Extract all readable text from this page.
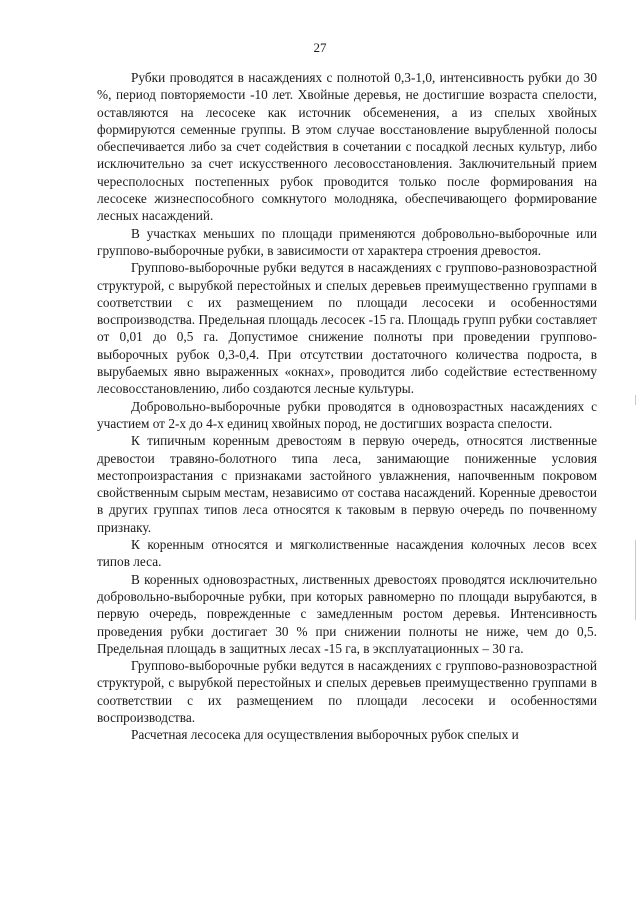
27

Рубки проводятся в насаждениях с полнотой 0,3-1,0, интенсивность рубки до 30 %, период повторяемости -10 лет. Хвойные деревья, не достигшие возраста спелости, оставляются на лесосеке как источник обсеменения, а из спелых хвойных формируются семенные группы. В этом случае восстановление вырубленной полосы обеспечивается либо за счет содействия в сочетании с посадкой лесных культур, либо исключительно за счет искусственного лесовосстановления. Заключительный прием чересполосных постепенных рубок проводится только после формирования на лесосеке жизнеспособного сомкнутого молодняка, обеспечивающего формирование лесных насаждений.

В участках меньших по площади применяются добровольно-выборочные или группово-выборочные рубки, в зависимости от характера строения древостоя.

Группово-выборочные рубки ведутся в насаждениях с группово-разновозрастной структурой, с вырубкой перестойных и спелых деревьев преимущественно группами в соответствии с их размещением по площади лесосеки и особенностями воспроизводства. Предельная площадь лесосек -15 га. Площадь групп рубки составляет от 0,01 до 0,5 га. Допустимое снижение полноты при проведении группово-выборочных рубок 0,3-0,4. При отсутствии достаточного количества подроста, в вырубаемых явно выраженных «окнах», проводится либо содействие естественному лесовосстановлению, либо создаются лесные культуры.

Добровольно-выборочные рубки проводятся в одновозрастных насаждениях с участием от 2-х до 4-х единиц хвойных пород, не достигших возраста спелости.

К типичным коренным древостоям в первую очередь, относятся лиственные древостои травяно-болотного типа леса, занимающие пониженные условия местопроизрастания с признаками застойного увлажнения, напочвенным покровом свойственным сырым местам, независимо от состава насаждений. Коренные древостои в других группах типов леса относятся к таковым в первую очередь по почвенному признаку.

К коренным относятся и мягколиственные насаждения колочных лесов всех типов леса.

В коренных одновозрастных, лиственных древостоях проводятся исключительно добровольно-выборочные рубки, при которых равномерно по площади вырубаются, в первую очередь, поврежденные с замедленным ростом деревья. Интенсивность проведения рубки достигает 30 % при снижении полноты не ниже, чем до 0,5. Предельная площадь в защитных лесах -15 га, в эксплуатационных – 30 га.

Группово-выборочные рубки ведутся в насаждениях с группово-разновозрастной структурой, с вырубкой перестойных и спелых деревьев преимущественно группами в соответствии с их размещением по площади лесосеки и особенностями воспроизводства.

Расчетная лесосека для осуществления выборочных рубок спелых и
